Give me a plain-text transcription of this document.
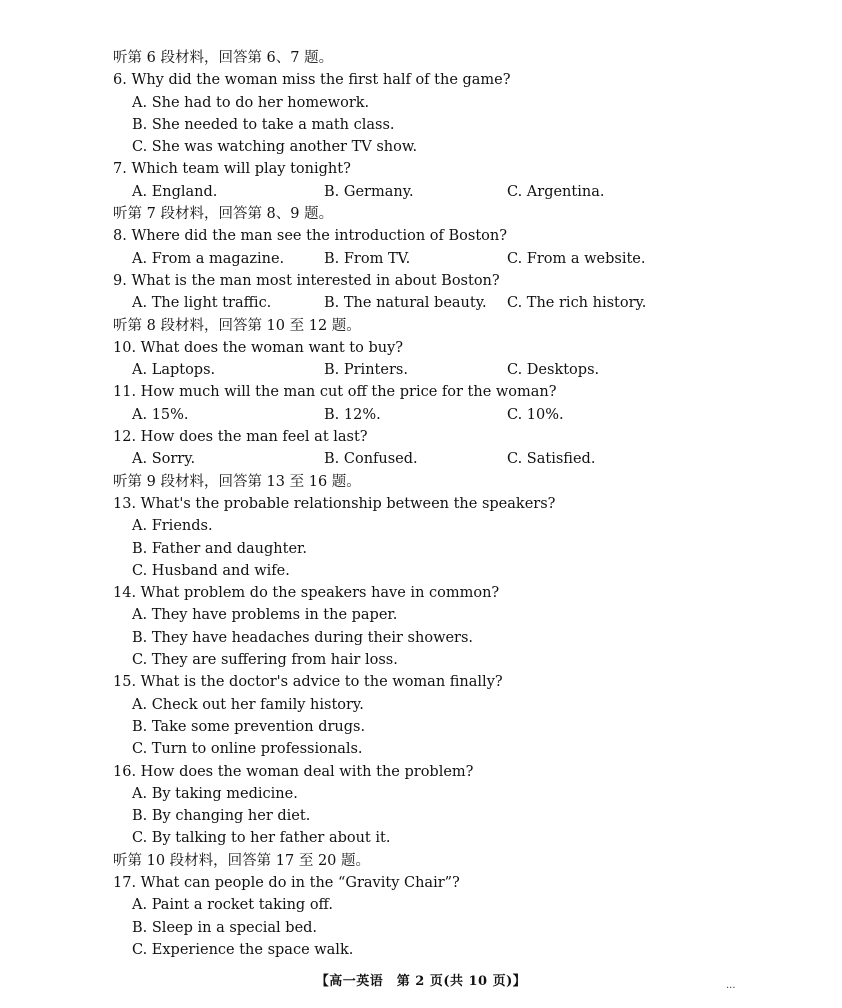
听第 6 段材料，回答第 6、7 题。
6. Why did the woman miss the first half of the game?
A. She had to do her homework.
B. She needed to take a math class.
C. She was watching another TV show.
7. Which team will play tonight?
A. England.	B. Germany.	C. Argentina.
听第 7 段材料，回答第 8、9 题。
8. Where did the man see the introduction of Boston?
A. From a magazine.	B. From TV.	C. From a website.
9. What is the man most interested in about Boston?
A. The light traffic.	B. The natural beauty.	C. The rich history.
听第 8 段材料，回答第 10 至 12 题。
10. What does the woman want to buy?
A. Laptops.	B. Printers.	C. Desktops.
11. How much will the man cut off the price for the woman?
A. 15%.	B. 12%.	C. 10%.
12. How does the man feel at last?
A. Sorry.	B. Confused.	C. Satisfied.
听第 9 段材料，回答第 13 至 16 题。
13. What's the probable relationship between the speakers?
A. Friends.
B. Father and daughter.
C. Husband and wife.
14. What problem do the speakers have in common?
A. They have problems in the paper.
B. They have headaches during their showers.
C. They are suffering from hair loss.
15. What is the doctor's advice to the woman finally?
A. Check out her family history.
B. Take some prevention drugs.
C. Turn to online professionals.
16. How does the woman deal with the problem?
A. By taking medicine.
B. By changing her diet.
C. By talking to her father about it.
听第 10 段材料，回答第 17 至 20 题。
17. What can people do in the “Gravity Chair”?
A. Paint a rocket taking off.
B. Sleep in a special bed.
C. Experience the space walk.
【高一英语　第 2 页(共 10 页)】	...
